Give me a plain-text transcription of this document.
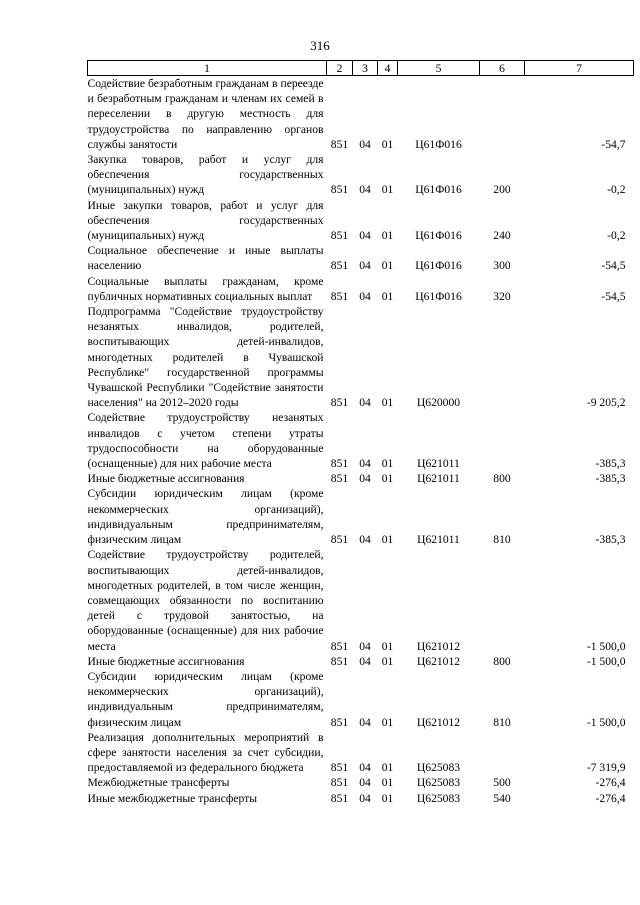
316
1	2	3	4	5	6	7
Содействие безработным гражданам в переезде и безработным гражданам и членам их семей в переселении в другую местность для трудоустройства по направлению органов службы занятости	851	04	01	Ц61Ф016		-54,7
Закупка товаров, работ и услуг для обеспечения государственных (муниципальных) нужд	851	04	01	Ц61Ф016	200	-0,2
Иные закупки товаров, работ и услуг для обеспечения государственных (муниципальных) нужд	851	04	01	Ц61Ф016	240	-0,2
Социальное обеспечение и иные выплаты населению	851	04	01	Ц61Ф016	300	-54,5
Социальные выплаты гражданам, кроме публичных нормативных социальных выплат	851	04	01	Ц61Ф016	320	-54,5
Подпрограмма "Содействие трудоустройству незанятых инвалидов, родителей, воспитывающих детей-инвалидов, многодетных родителей в Чувашской Республике" государственной программы Чувашской Республики "Содействие занятости населения" на 2012–2020 годы	851	04	01	Ц620000		-9 205,2
Содействие трудоустройству незанятых инвалидов с учетом степени утраты трудоспособности на оборудованные (оснащенные) для них рабочие места	851	04	01	Ц621011		-385,3
Иные бюджетные ассигнования	851	04	01	Ц621011	800	-385,3
Субсидии юридическим лицам (кроме некоммерческих организаций), индивидуальным предпринимателям, физическим лицам	851	04	01	Ц621011	810	-385,3
Содействие трудоустройству родителей, воспитывающих детей-инвалидов, многодетных родителей, в том числе женщин, совмещающих обязанности по воспитанию детей с трудовой занятостью, на оборудованные (оснащенные) для них рабочие места	851	04	01	Ц621012		-1 500,0
Иные бюджетные ассигнования	851	04	01	Ц621012	800	-1 500,0
Субсидии юридическим лицам (кроме некоммерческих организаций), индивидуальным предпринимателям, физическим лицам	851	04	01	Ц621012	810	-1 500,0
Реализация дополнительных мероприятий в сфере занятости населения за счет субсидии, предоставляемой из федерального бюджета	851	04	01	Ц625083		-7 319,9
Межбюджетные трансферты	851	04	01	Ц625083	500	-276,4
Иные межбюджетные трансферты	851	04	01	Ц625083	540	-276,4
